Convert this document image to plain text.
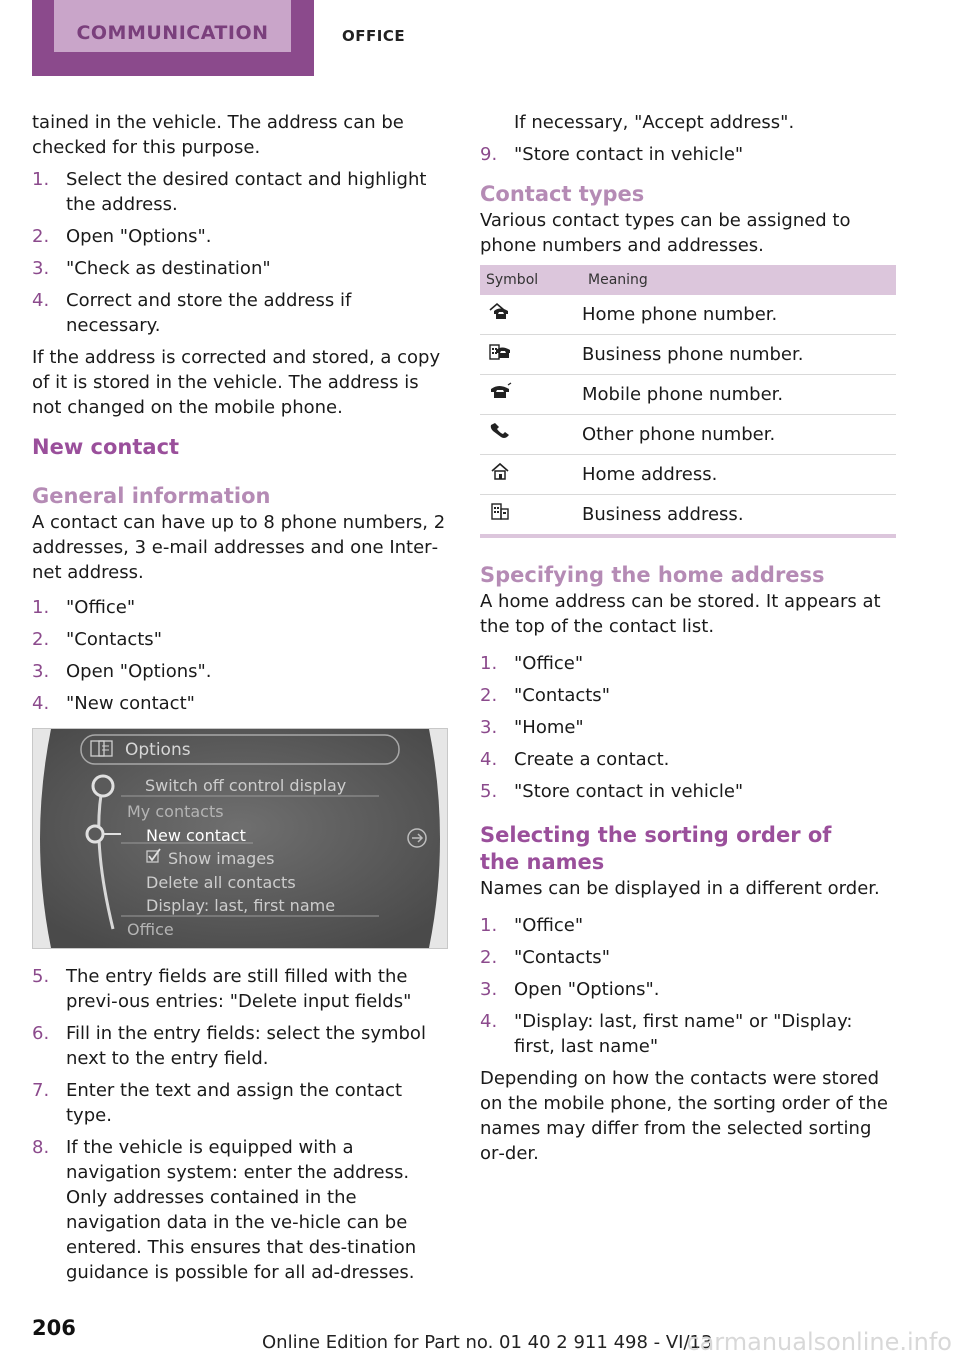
COMMUNICATION	OFFICE

tained in the vehicle. The address can be checked for this purpose.

1. Select the desired contact and highlight the address.
2. Open "Options".
3. "Check as destination"
4. Correct and store the address if necessary.

If the address is corrected and stored, a copy of it is stored in the vehicle. The address is not changed on the mobile phone.

New contact
General information

A contact can have up to 8 phone numbers, 2 addresses, 3 e-mail addresses and one Inter‐net address.

1. "Office"
2. "Contacts"
3. Open "Options".
4. "New contact"
Options
Switch off control display
My contacts
New contact
Show images
Delete all contacts
Display: last, first name
Office
5. The entry fields are still filled with the previ‐ous entries: "Delete input fields"
6. Fill in the entry fields: select the symbol next to the entry field.
7. Enter the text and assign the contact type.
8. If the vehicle is equipped with a navigation system: enter the address. Only addresses contained in the navigation data in the ve‐hicle can be entered. This ensures that des‐tination guidance is possible for all ad‐dresses.

If necessary, "Accept address".

9. "Store contact in vehicle"
Contact types

Various contact types can be assigned to phone numbers and addresses.

Symbol	Meaning
	Home phone number.
	Business phone number.
	Mobile phone number.
	Other phone number.
	Home address.
	Business address.
Specifying the home address

A home address can be stored. It appears at the top of the contact list.

1. "Office"
2. "Contacts"
3. "Home"
4. Create a contact.
5. "Store contact in vehicle"
Selecting the sorting order of the names

Names can be displayed in a different order.

1. "Office"
2. "Contacts"
3. Open "Options".
4. "Display: last, first name" or "Display: first, last name"

Depending on how the contacts were stored on the mobile phone, the sorting order of the names may differ from the selected sorting or‐der.

206
Online Edition for Part no. 01 40 2 911 498 - VI/13
carmanualsonline.info
